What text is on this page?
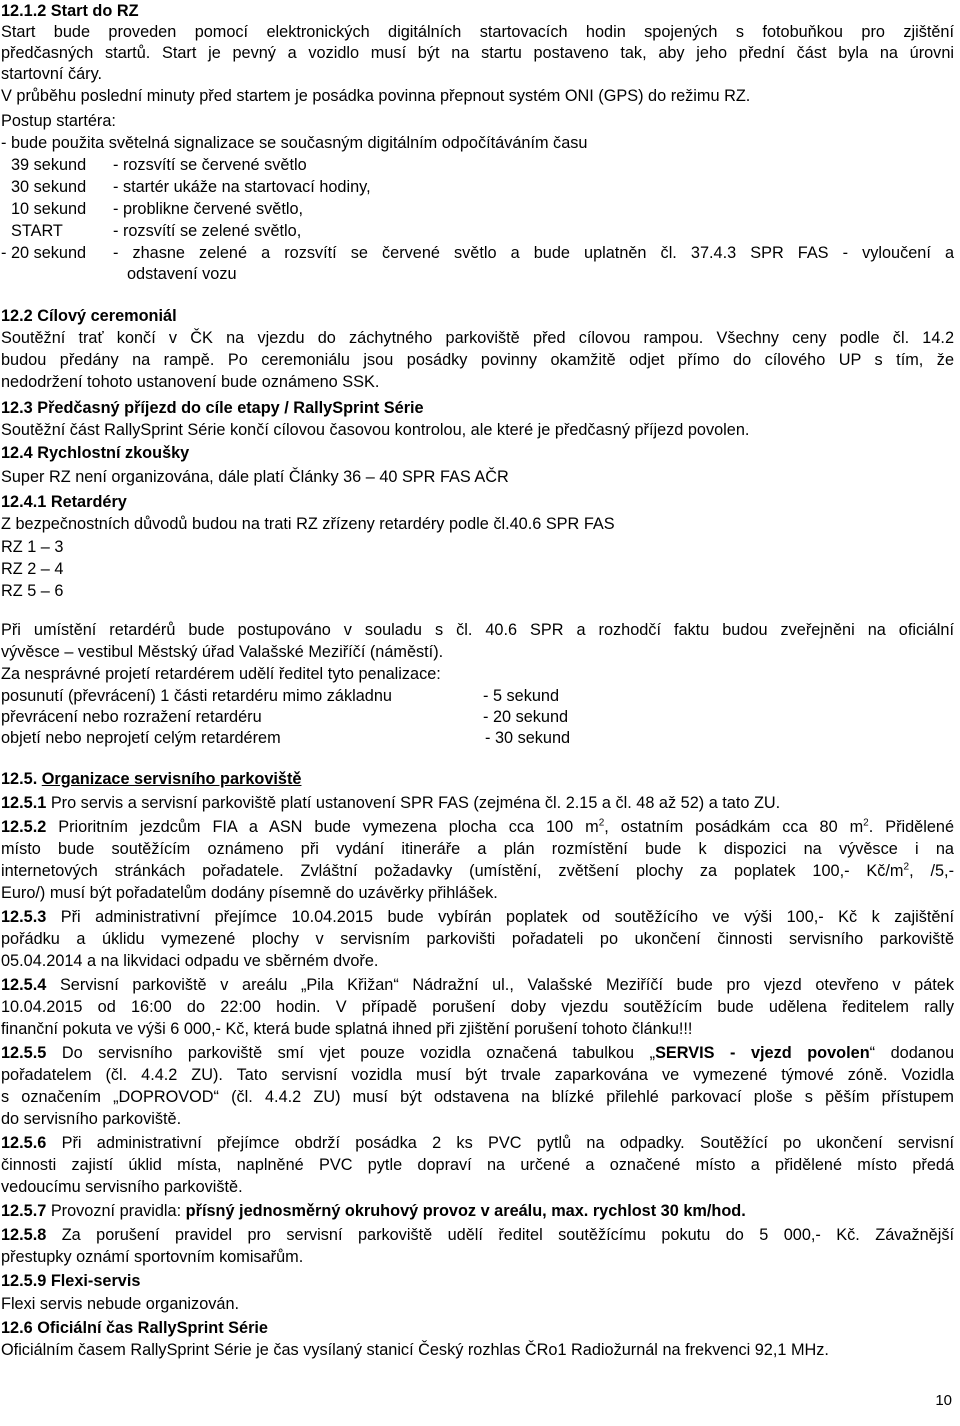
12.1.2 Start do RZ
Start bude proveden pomocí elektronických digitálních startovacích hodin spojených s fotobuňkou pro zjištění
předčasných startů. Start je pevný a vozidlo musí být na startu postaveno tak, aby jeho přední část byla na úrovni
startovní čáry.
V průběhu poslední minuty před startem je posádka povinna přepnout systém ONI (GPS) do režimu RZ.
Postup startéra:
- bude použita světelná signalizace se současným digitálním odpočítáváním času
39 sekund - rozsvítí se červené světlo
30 sekund - startér ukáže na startovací hodiny,
10 sekund - problikne červené světlo,
START	- rozsvítí se zelené světlo,
- 20 sekund - zhasne zelené a rozsvítí se červené světlo a bude uplatněn čl. 37.4.3 SPR FAS - vyloučení a
odstavení vozu
12.2 Cílový ceremoniál
Soutěžní trať končí v ČK na vjezdu do záchytného parkoviště před cílovou rampou. Všechny ceny podle čl. 14.2
budou předány na rampě. Po ceremoniálu jsou posádky povinny okamžitě odjet přímo do cílového UP s tím, že
nedodržení tohoto ustanovení bude oznámeno SSK.
12.3 Předčasný příjezd do cíle etapy / RallySprint Série
Soutěžní část RallySprint Série končí cílovou časovou kontrolou, ale které je předčasný příjezd povolen.
12.4 Rychlostní zkoušky
Super RZ není organizována, dále platí Články 36 – 40 SPR FAS AČR
12.4.1 Retardéry
Z bezpečnostních důvodů budou na trati RZ zřízeny retardéry podle čl.40.6 SPR FAS
RZ 1 – 3
RZ 2 – 4
RZ 5 – 6
Při umístění retardérů bude postupováno v souladu s čl. 40.6 SPR a rozhodčí faktu budou zveřejněni na oficiální
vývěsce – vestibul Městský úřad Valašské Meziříčí (náměstí).
Za nesprávné projetí retardérem udělí ředitel tyto penalizace:
posunutí (převrácení) 1 části retardéru mimo základnu	- 5 sekund
převrácení nebo rozražení retardéru	- 20 sekund
objetí nebo neprojetí celým retardérem	- 30 sekund
12.5. Organizace servisního parkoviště
12.5.1 Pro servis a servisní parkoviště platí ustanovení SPR FAS (zejména čl. 2.15 a čl. 48 až 52) a tato ZU.
12.5.2 Prioritním jezdcům FIA a ASN bude vymezena plocha cca 100 $m^2$, ostatním posádkám cca 80 $m^2$. Přidělené
místo bude soutěžícím oznámeno při vydání itineráře a plán rozmístění bude k dispozici na vývěsce i na
internetových stránkách pořadatele. Zvláštní požadavky (umístění, zvětšení plochy za poplatek 100,- $Kč/m^2$, /5,-
Euro/) musí být pořadatelům dodány písemně do uzávěrky přihlášek.
12.5.3 Při administrativní přejímce 10.04.2015 bude vybírán poplatek od soutěžícího ve výši 100,- Kč k zajištění
pořádku a úklidu vymezené plochy v servisním parkovišti pořadateli po ukončení činnosti servisního parkoviště
05.04.2014 a na likvidaci odpadu ve sběrném dvoře.
12.5.4 Servisní parkoviště v areálu „Pila Křižan“ Nádražní ul., Valašské Meziříčí bude pro vjezd otevřeno v pátek
10.04.2015 od 16:00 do 22:00 hodin. V případě porušení doby vjezdu soutěžícím bude udělena ředitelem rally
finanční pokuta ve výši 6 000,- Kč, která bude splatná ihned při zjištění porušení tohoto článku!!!
12.5.5 Do servisního parkoviště smí vjet pouze vozidla označená tabulkou „SERVIS - vjezd povolen“ dodanou
pořadatelem (čl. 4.4.2 ZU). Tato servisní vozidla musí být trvale zaparkována ve vymezené týmové zóně. Vozidla
s označením „DOPROVOD“ (čl. 4.4.2 ZU) musí být odstavena na blízké přilehlé parkovací ploše s pěším přístupem
do servisního parkoviště.
12.5.6 Při administrativní přejímce obdrží posádka 2 ks PVC pytlů na odpadky. Soutěžící po ukončení servisní
činnosti zajistí úklid místa, naplněné PVC pytle dopraví na určené a označené místo a přidělené místo předá
vedoucímu servisního parkoviště.
12.5.7 Provozní pravidla: přísný jednosměrný okruhový provoz v areálu, max. rychlost 30 km/hod.
12.5.8 Za porušení pravidel pro servisní parkoviště udělí ředitel soutěžícímu pokutu do 5 000,- Kč. Závažnější
přestupky oznámí sportovním komisařům.
12.5.9 Flexi-servis
Flexi servis nebude organizován.
12.6 Oficiální čas RallySprint Série
Oficiálním časem RallySprint Série je čas vysílaný stanicí Český rozhlas ČRo1 Radiožurnál na frekvenci 92,1 MHz.
10
